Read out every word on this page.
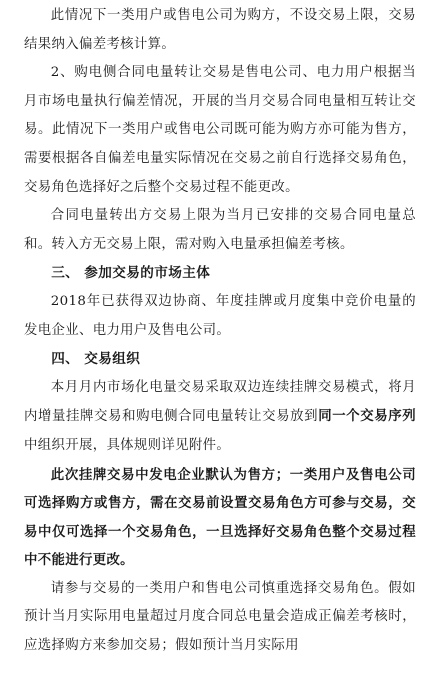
此情况下一类用户或售电公司为购方，不设交易上限，交易结果纳入偏差考核计算。

2、购电侧合同电量转让交易是售电公司、电力用户根据当月市场电量执行偏差情况，开展的当月交易合同电量相互转让交易。此情况下一类用户或售电公司既可能为购方亦可能为售方，需要根据各自偏差电量实际情况在交易之前自行选择交易角色，交易角色选择好之后整个交易过程不能更改。

合同电量转出方交易上限为当月已安排的交易合同电量总和。转入方无交易上限，需对购入电量承担偏差考核。

三、 参加交易的市场主体

2018年已获得双边协商、年度挂牌或月度集中竞价电量的发电企业、电力用户及售电公司。

四、 交易组织

本月月内市场化电量交易采取双边连续挂牌交易模式，将月内增量挂牌交易和购电侧合同电量转让交易放到同一个交易序列中组织开展，具体规则详见附件。

此次挂牌交易中发电企业默认为售方；一类用户及售电公司可选择购方或售方，需在交易前设置交易角色方可参与交易，交易中仅可选择一个交易角色，一旦选择好交易角色整个交易过程中不能进行更改。

请参与交易的一类用户和售电公司慎重选择交易角色。假如预计当月实际用电量超过月度合同总电量会造成正偏差考核时，应选择购方来参加交易；假如预计当月实际用
